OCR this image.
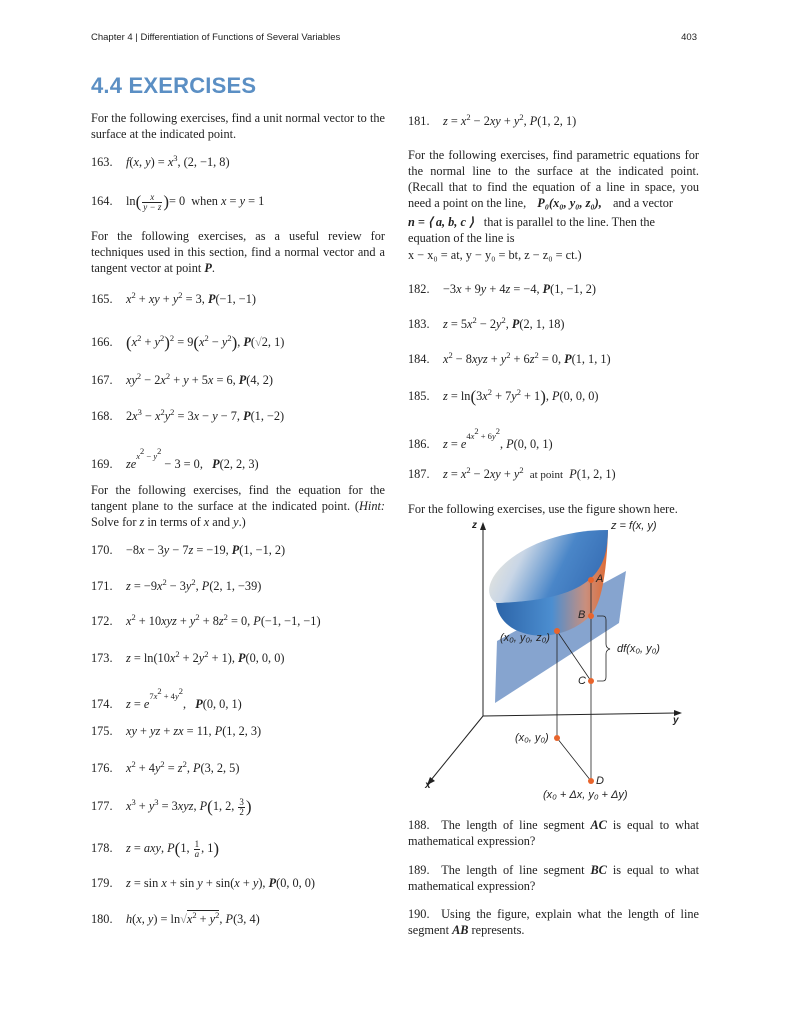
Chapter 4 | Differentiation of Functions of Several Variables	403
4.4 EXERCISES
For the following exercises, find a unit normal vector to the surface at the indicated point.
163. f(x, $y) = x^3$, (2, −1, 8)
164. $\ln( \frac{x}{y - z}$ )= 0  when x = y = 1
For the following exercises, as a useful review for techniques used in this section, find a normal vector and a tangent vector at point P.
165. $x^2$ + xy + $y^2 = 3$, P(−1, −1)
166. $(x^2 + y^2)^2 = 9(x^2 - y^2)$, P(√2, 1)
167. $xy^2 - 2x^2 + y + 5x = 6$, P(4, 2)
168. $2x^3 - x^2y^2 = 3x - y - 7$, P(1, −2)
169. $ze^{x^2 - y^2} - 3 = 0$,   P(2, 2, 3)
For the following exercises, find the equation for the tangent plane to the surface at the indicated point. (Hint: Solve for z in terms of x and y.)
170. −8x − 3y − 7z = −19, P(1, −1, 2)
171. $z = -9x^2 - 3y^2$, P(2, 1, −39)
172. $x^2 + 10xyz + y^2 + 8z^2 = 0$, P(−1, −1, −1)
173. $z = \ln(10x^2 + 2y^2 + 1)$, P(0, 0, 0)
174. $z = e^{7x^2 + 4y^2}$,   P(0, 0, 1)
175. xy + yz + zx = 11, P(1, 2, 3)
176. $x^2 + 4y^2 = z^2$, P(3, 2, 5)
177. $x^3 + y^3 = 3xyz$, P(1, 2, $\frac{3}{2}$ )
178. z = axy, P(1, $\frac{1}{a}$ , 1)
179. z = sin x + sin y + sin(x + y), P(0, 0, 0)
180. h(x, $y) = \ln√x^2 + y^2$, P(3, 4)
181. $z = x^2 - 2xy + y^2$, P(1, 2, 1)
For the following exercises, find parametric equations for the normal line to the surface at the indicated point. (Recall that to find the equation of a line in space, you need a point on the line, P₀(x₀, y₀, z₀), and a vector
n = ⟨ a, b, c ⟩ that is parallel to the line. Then the equation of the line is
x − x₀ = at, y − y₀ = bt, z − z₀ = ct.)
182. −3x + 9y + 4z = −4, P(1, −1, 2)
183. $z = 5x^2 - 2y^2$, P(2, 1, 18)
184. $x^2 - 8xyz + y^2 + 6z^2 = 0$, P(1, 1, 1)
185. $z = \ln(3x^2 + 7y^2 + 1)$, P(0, 0, 0)
186. $z = e^{4x^2 + 6y^2}$, P(0, 0, 1)
187. $z = x^2 - 2xy + y^2$ at point P(1, 2, 1)
For the following exercises, use the figure shown here.
z
y
x
z = f(x, y)
A
B
C
D
(x₀, y₀, z₀)
(x₀, y₀)
(x₀ + Δx, y₀ + Δy)
df(x₀, y₀)
188. The length of line segment AC is equal to what mathematical expression?
189. The length of line segment BC is equal to what mathematical expression?
190. Using the figure, explain what the length of line segment AB represents.
